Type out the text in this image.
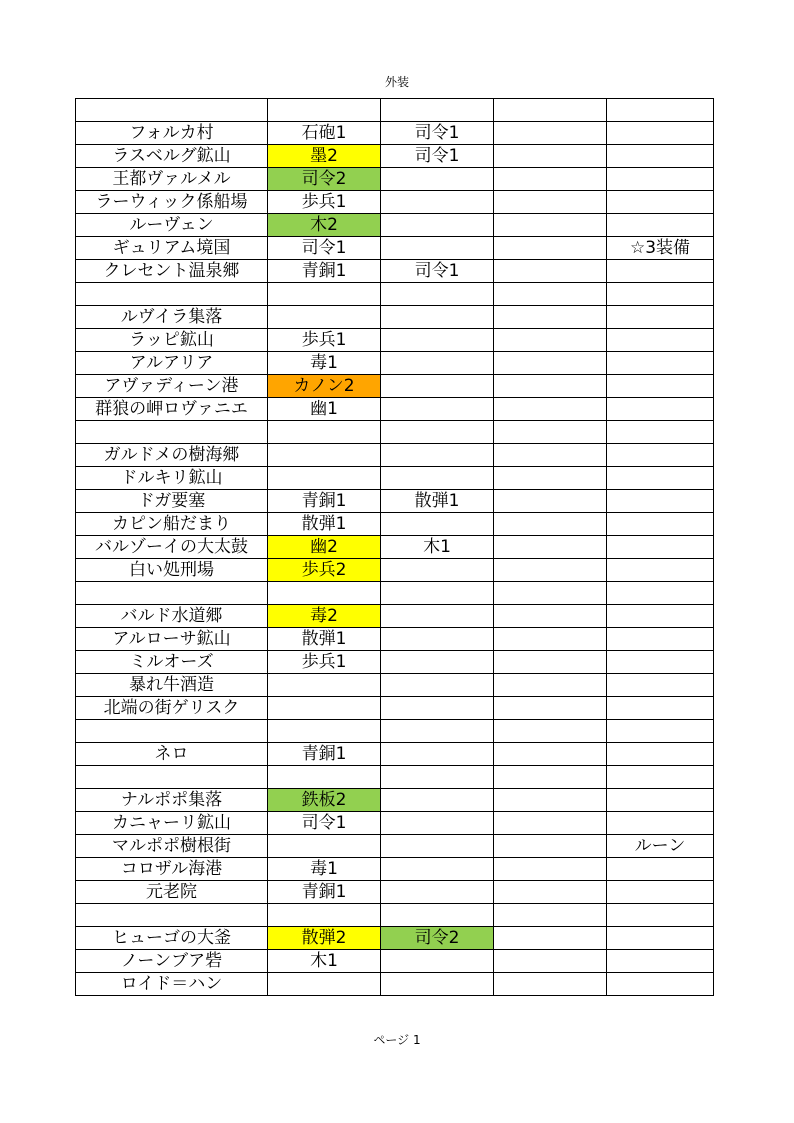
外装

フォルカ村	石砲1	司令1		
ラスベルグ鉱山	墨2	司令1		
王都ヴァルメル	司令2			
ラーウィック係船場	歩兵1			
ルーヴェン	木2			
ギュリアム境国	司令1			☆3装備
クレセント温泉郷	青銅1	司令1		

ルヴイラ集落				
ラッピ鉱山	歩兵1			
アルアリア	毒1			
アヴァディーン港	カノン2			
群狼の岬ロヴァニエ	幽1			

ガルドメの樹海郷				
ドルキリ鉱山				
ドガ要塞	青銅1	散弾1		
カピン船だまり	散弾1			
バルゾーイの大太鼓	幽2	木1		
白い処刑場	歩兵2			

バルド水道郷	毒2			
アルローサ鉱山	散弾1			
ミルオーズ	歩兵1			
暴れ牛酒造				
北端の街ゲリスク				

ネロ	青銅1			

ナルポポ集落	鉄板2			
カニャーリ鉱山	司令1			
マルポポ樹根街				ルーン
コロザル海港	毒1			
元老院	青銅1			

ヒューゴの大釜	散弾2	司令2		
ノーンブア砦	木1			
ロイド＝ハン				
ページ 1
